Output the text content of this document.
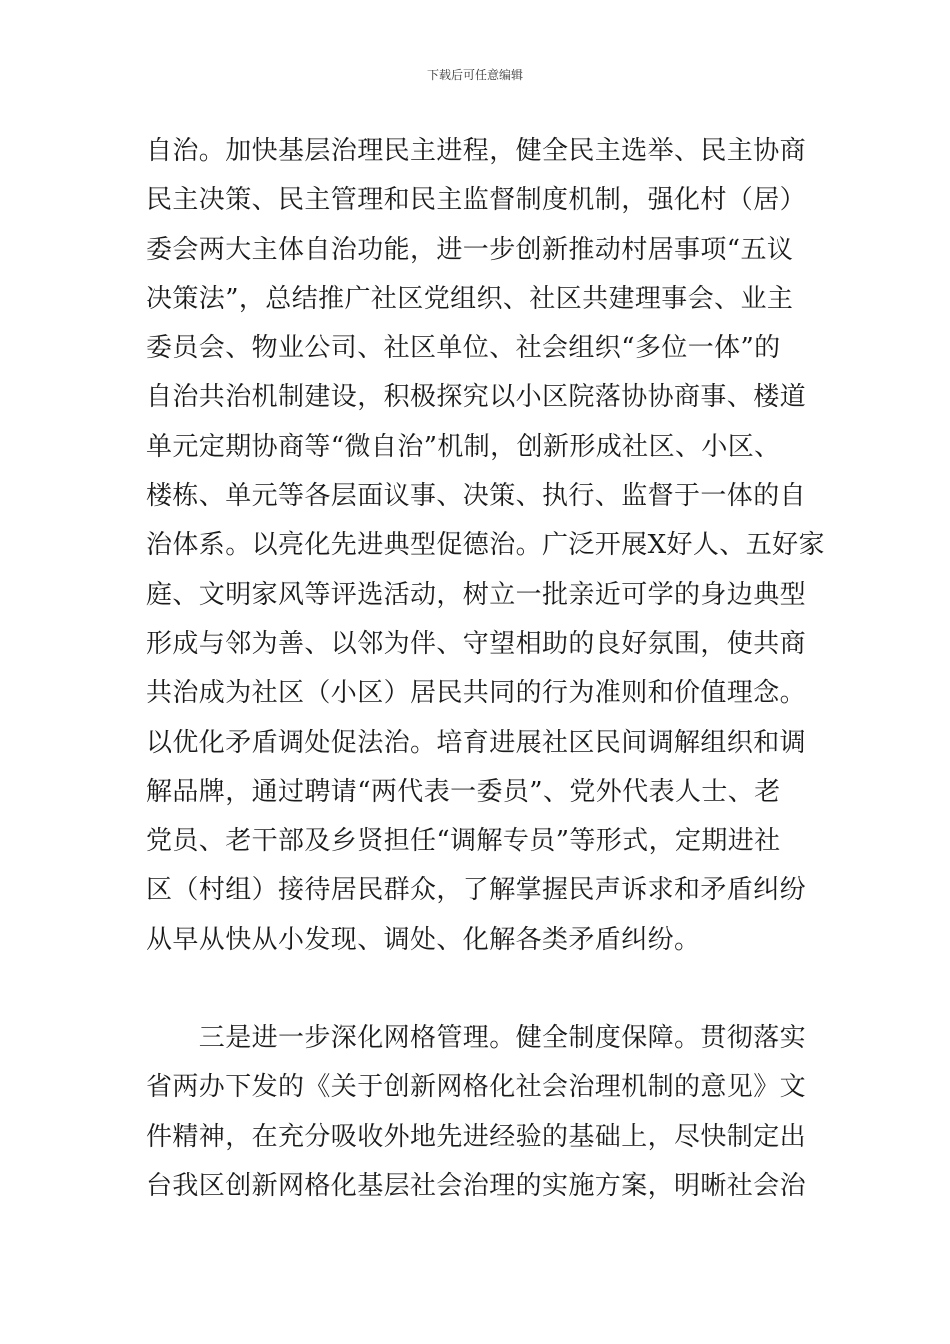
下载后可任意编辑
自治。加快基层治理民主进程，健全民主选举、民主协商
民主决策、民主管理和民主监督制度机制，强化村（居）
委会两大主体自治功能，进一步创新推动村居事项“五议
决策法”，总结推广社区党组织、社区共建理事会、业主
委员会、物业公司、社区单位、社会组织“多位一体”的
自治共治机制建设，积极探究以小区院落协协商事、楼道
单元定期协商等“微自治”机制，创新形成社区、小区、
楼栋、单元等各层面议事、决策、执行、监督于一体的自
治体系。以亮化先进典型促德治。广泛开展X好人、五好家
庭、文明家风等评选活动，树立一批亲近可学的身边典型
形成与邻为善、以邻为伴、守望相助的良好氛围，使共商
共治成为社区（小区）居民共同的行为准则和价值理念。
以优化矛盾调处促法治。培育进展社区民间调解组织和调
解品牌，通过聘请“两代表一委员”、党外代表人士、老
党员、老干部及乡贤担任“调解专员”等形式，定期进社
区（村组）接待居民群众，了解掌握民声诉求和矛盾纠纷
从早从快从小发现、调处、化解各类矛盾纠纷。
　　三是进一步深化网格管理。健全制度保障。贯彻落实
省两办下发的《关于创新网格化社会治理机制的意见》文
件精神，在充分吸收外地先进经验的基础上，尽快制定出
台我区创新网格化基层社会治理的实施方案，明晰社会治
